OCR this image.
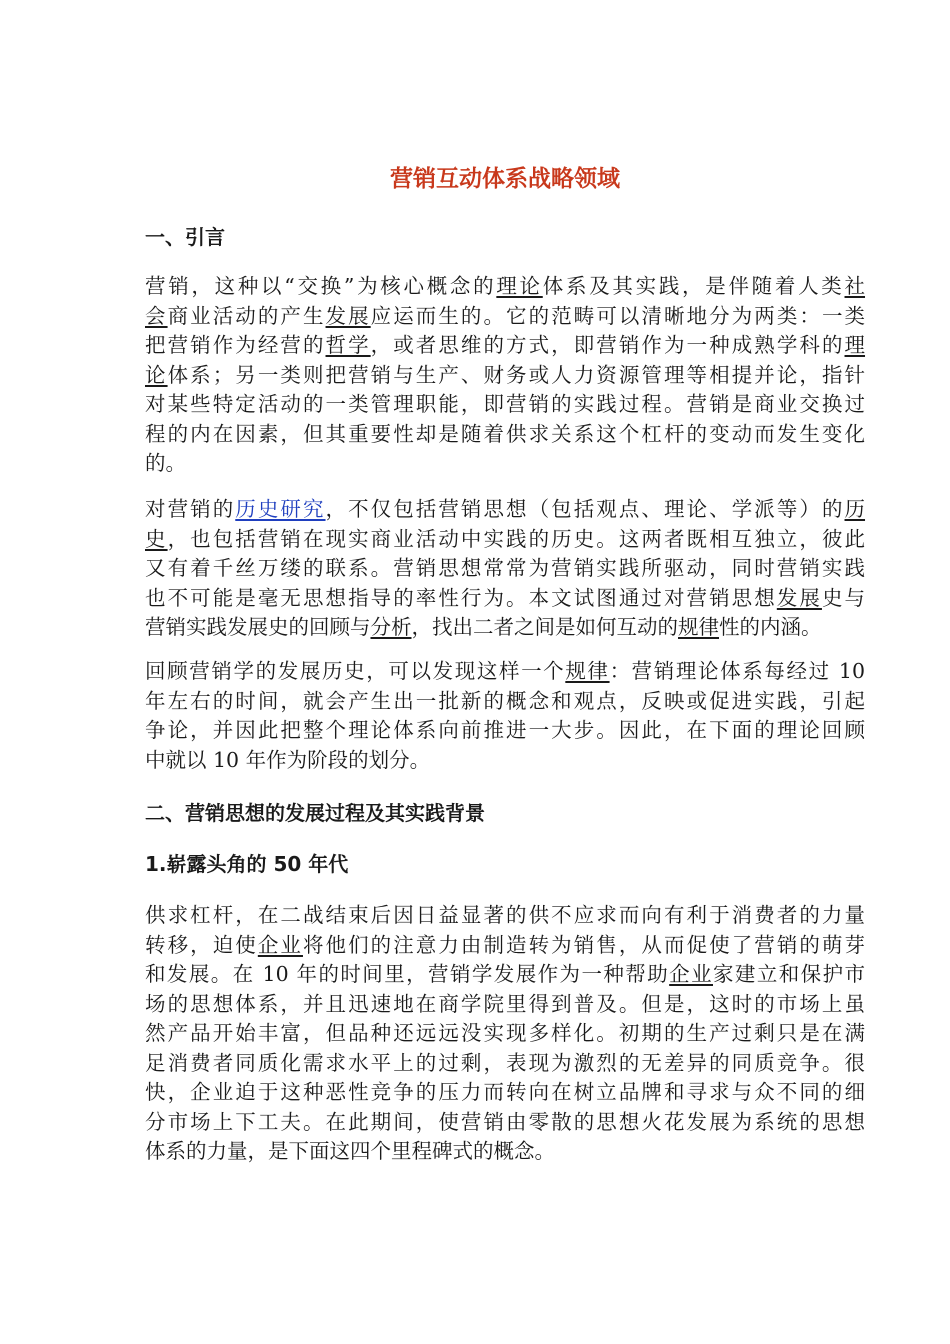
营销互动体系战略领域
一、引言
营销，这种以“交换”为核心概念的理论体系及其实践，是伴随着人类社
会商业活动的产生发展应运而生的。它的范畴可以清晰地分为两类：一类
把营销作为经营的哲学，或者思维的方式，即营销作为一种成熟学科的理
论体系；另一类则把营销与生产、财务或人力资源管理等相提并论，指针
对某些特定活动的一类管理职能，即营销的实践过程。营销是商业交换过
程的内在因素，但其重要性却是随着供求关系这个杠杆的变动而发生变化
的。
对营销的历史研究，不仅包括营销思想（包括观点、理论、学派等）的历
史，也包括营销在现实商业活动中实践的历史。这两者既相互独立，彼此
又有着千丝万缕的联系。营销思想常常为营销实践所驱动，同时营销实践
也不可能是毫无思想指导的率性行为。本文试图通过对营销思想发展史与
营销实践发展史的回顾与分析，找出二者之间是如何互动的规律性的内涵。
回顾营销学的发展历史，可以发现这样一个规律：营销理论体系每经过 10
年左右的时间，就会产生出一批新的概念和观点，反映或促进实践，引起
争论，并因此把整个理论体系向前推进一大步。因此，在下面的理论回顾
中就以 10 年作为阶段的划分。
二、营销思想的发展过程及其实践背景
1.崭露头角的 50 年代
供求杠杆，在二战结束后因日益显著的供不应求而向有利于消费者的力量
转移，迫使企业将他们的注意力由制造转为销售，从而促使了营销的萌芽
和发展。在 10 年的时间里，营销学发展作为一种帮助企业家建立和保护市
场的思想体系，并且迅速地在商学院里得到普及。但是，这时的市场上虽
然产品开始丰富，但品种还远远没实现多样化。初期的生产过剩只是在满
足消费者同质化需求水平上的过剩，表现为激烈的无差异的同质竞争。很
快，企业迫于这种恶性竞争的压力而转向在树立品牌和寻求与众不同的细
分市场上下工夫。在此期间，使营销由零散的思想火花发展为系统的思想
体系的力量，是下面这四个里程碑式的概念。
